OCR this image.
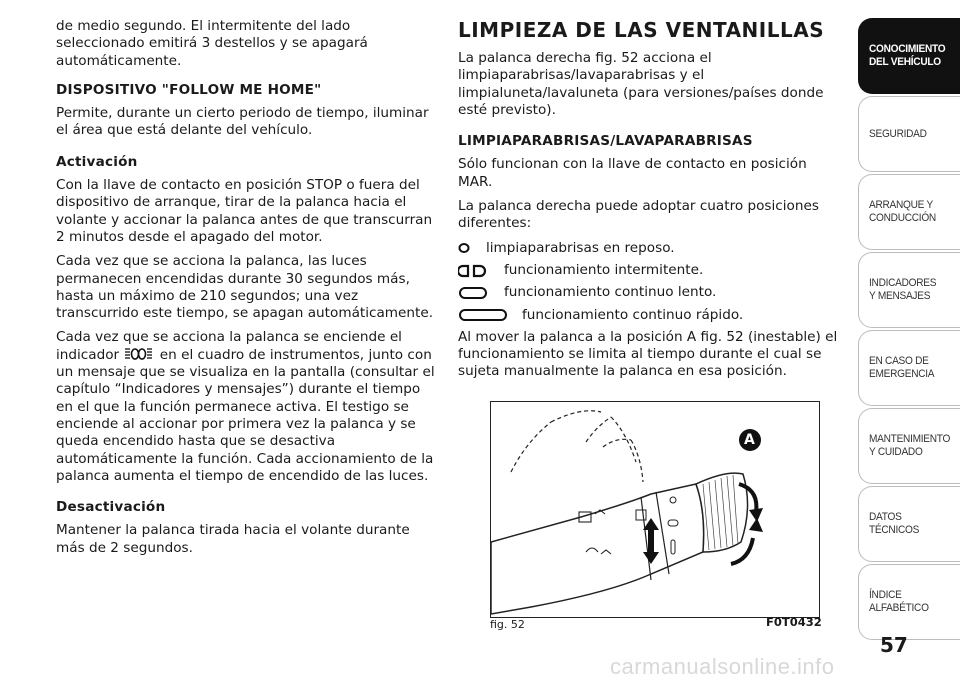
de medio segundo. El intermitente del lado seleccionado emitirá 3 destellos y se apagará automáticamente.

DISPOSITIVO "FOLLOW ME HOME"

Permite, durante un cierto periodo de tiempo, iluminar el área que está delante del vehículo.

Activación

Con la llave de contacto en posición STOP o fuera del dispositivo de arranque, tirar de la palanca hacia el volante y accionar la palanca antes de que transcurran 2 minutos desde el apagado del motor.

Cada vez que se acciona la palanca, las luces permanecen encendidas durante 30 segundos más, hasta un máximo de 210 segundos; una vez transcurrido este tiempo, se apagan automáticamente.

Cada vez que se acciona la palanca se enciende el indicador	en el cuadro de instrumentos, junto con un mensaje que se visualiza en la pantalla (consultar el capítulo “Indicadores y mensajes”) durante el tiempo en el que la función permanece activa. El testigo se enciende al accionar por primera vez la palanca y se queda encendido hasta que se desactiva automáticamente la función. Cada accionamiento de la palanca aumenta el tiempo de encendido de las luces.

Desactivación

Mantener la palanca tirada hacia el volante durante más de 2 segundos.

LIMPIEZA DE LAS VENTANILLAS

La palanca derecha fig. 52 acciona el limpiaparabrisas/lavaparabrisas y el limpialuneta/lavaluneta (para versiones/países donde esté previsto).

LIMPIAPARABRISAS/LAVAPARABRISAS

Sólo funcionan con la llave de contacto en posición MAR.

La palanca derecha puede adoptar cuatro posiciones diferentes:

limpiaparabrisas en reposo.
funcionamiento intermitente.
funcionamiento continuo lento.
funcionamiento continuo rápido.

Al mover la palanca a la posición A fig. 52 (inestable) el funcionamiento se limita al tiempo durante el cual se sujeta manualmente la palanca en esa posición.

A
fig. 52	F0T0432
CONOCIMIENTO DEL VEHÍCULO
SEGURIDAD
ARRANQUE Y CONDUCCIÓN
INDICADORES Y MENSAJES
EN CASO DE EMERGENCIA
MANTENIMIENTO Y CUIDADO
DATOS TÉCNICOS
ÍNDICE ALFABÉTICO
57
carmanualsonline.info
